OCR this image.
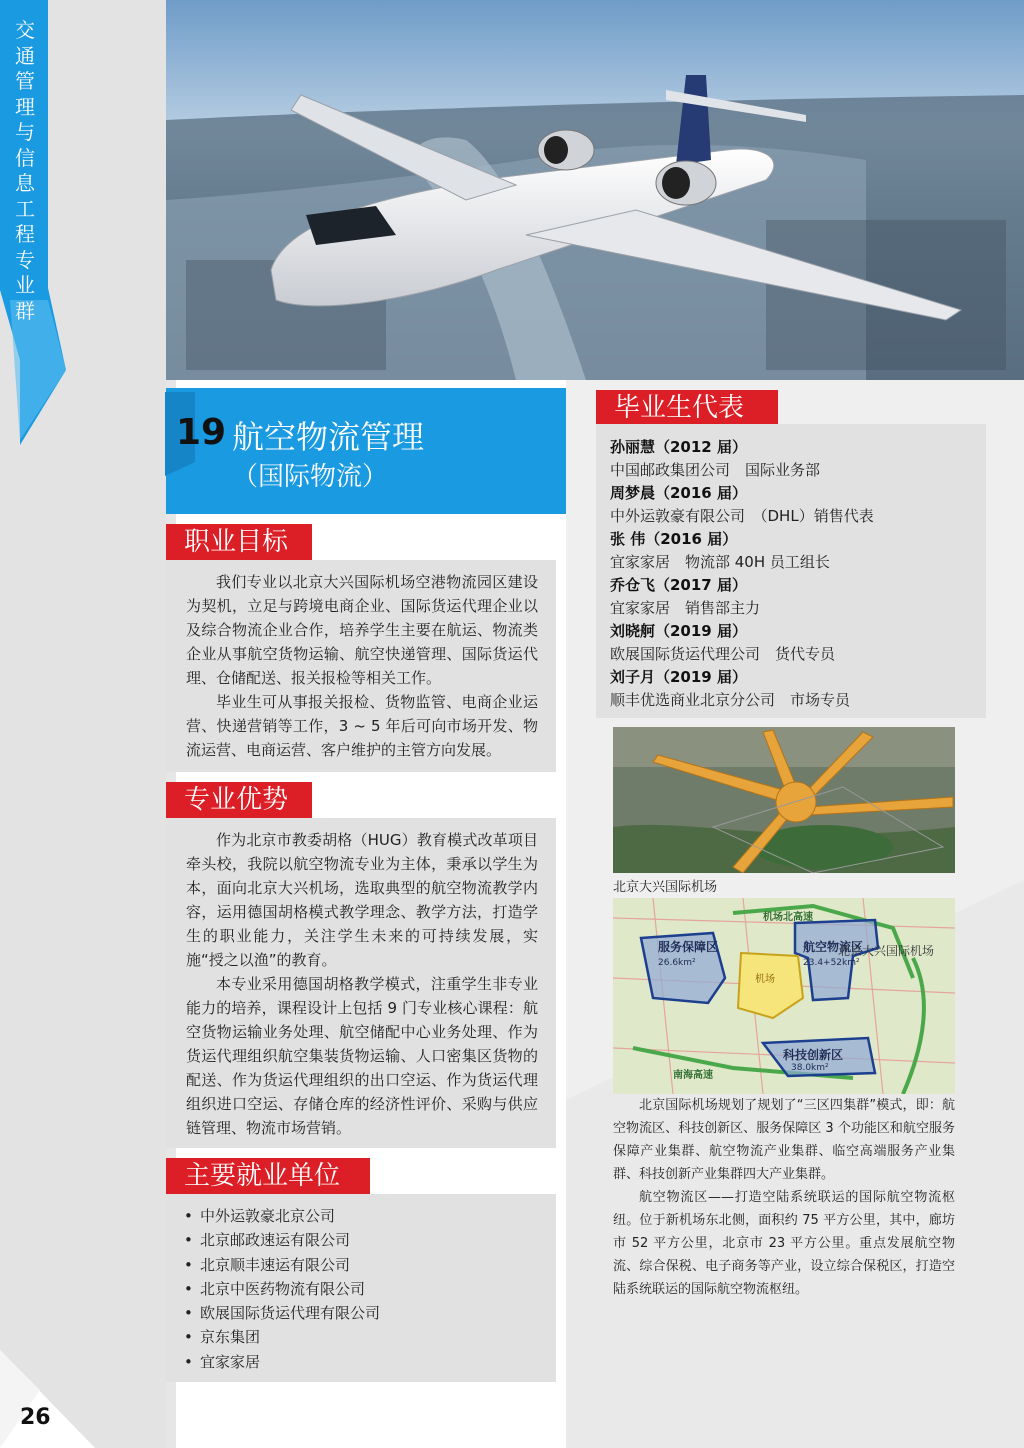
交通管理与信息工程专业群
19 航空物流管理
（国际物流）
职业目标

我们专业以北京大兴国际机场空港物流园区建设为契机，立足与跨境电商企业、国际货运代理企业以及综合物流企业合作，培养学生主要在航运、物流类企业从事航空货物运输、航空快递管理、国际货运代理、仓储配送、报关报检等相关工作。

毕业生可从事报关报检、货物监管、电商企业运营、快递营销等工作，3 ~ 5 年后可向市场开发、物流运营、电商运营、客户维护的主管方向发展。

专业优势

作为北京市教委胡格（HUG）教育模式改革项目牵头校，我院以航空物流专业为主体，秉承以学生为本，面向北京大兴机场，选取典型的航空物流教学内容，运用德国胡格模式教学理念、教学方法，打造学生的职业能力，关注学生未来的可持续发展，实施“授之以渔”的教育。

本专业采用德国胡格教学模式，注重学生非专业能力的培养，课程设计上包括 9 门专业核心课程：航空货物运输业务处理、航空储配中心业务处理、作为货运代理组织航空集装货物运输、人口密集区货物的配送、作为货运代理组织的出口空运、作为货运代理组织进口空运、存储仓库的经济性评价、采购与供应链管理、物流市场营销。

主要就业单位
• 中外运敦豪北京公司
• 北京邮政速运有限公司
• 北京顺丰速运有限公司
• 北京中医药物流有限公司
• 欧展国际货运代理有限公司
• 京东集团
• 宜家家居
毕业生代表
孙丽慧（2012 届）
中国邮政集团公司　国际业务部
周梦晨（2016 届）
中外运敦豪有限公司　（DHL）销售代表
张 伟（2016 届）
宜家家居　物流部 40H 员工组长
乔仓飞（2017 届）
宜家家居　销售部主力
刘晓舸（2019 届）
欧展国际货运代理公司　货代专员
刘子月（2019 届）
顺丰优选商业北京分公司　市场专员
北京大兴国际机场
服务保障区
26.6km²
航空物流区
23.4+52km²
北京大兴国际机场
机场
科技创新区
38.0km²
机场北高速
南海高速

北京国际机场规划了规划了“三区四集群”模式，即：航空物流区、科技创新区、服务保障区 3 个功能区和航空服务保障产业集群、航空物流产业集群、临空高端服务产业集群、科技创新产业集群四大产业集群。

航空物流区——打造空陆系统联运的国际航空物流枢纽。位于新机场东北侧，面积约 75 平方公里，其中，廊坊市 52 平方公里，北京市 23 平方公里。重点发展航空物流、综合保税、电子商务等产业，设立综合保税区，打造空陆系统联运的国际航空物流枢纽。

26
